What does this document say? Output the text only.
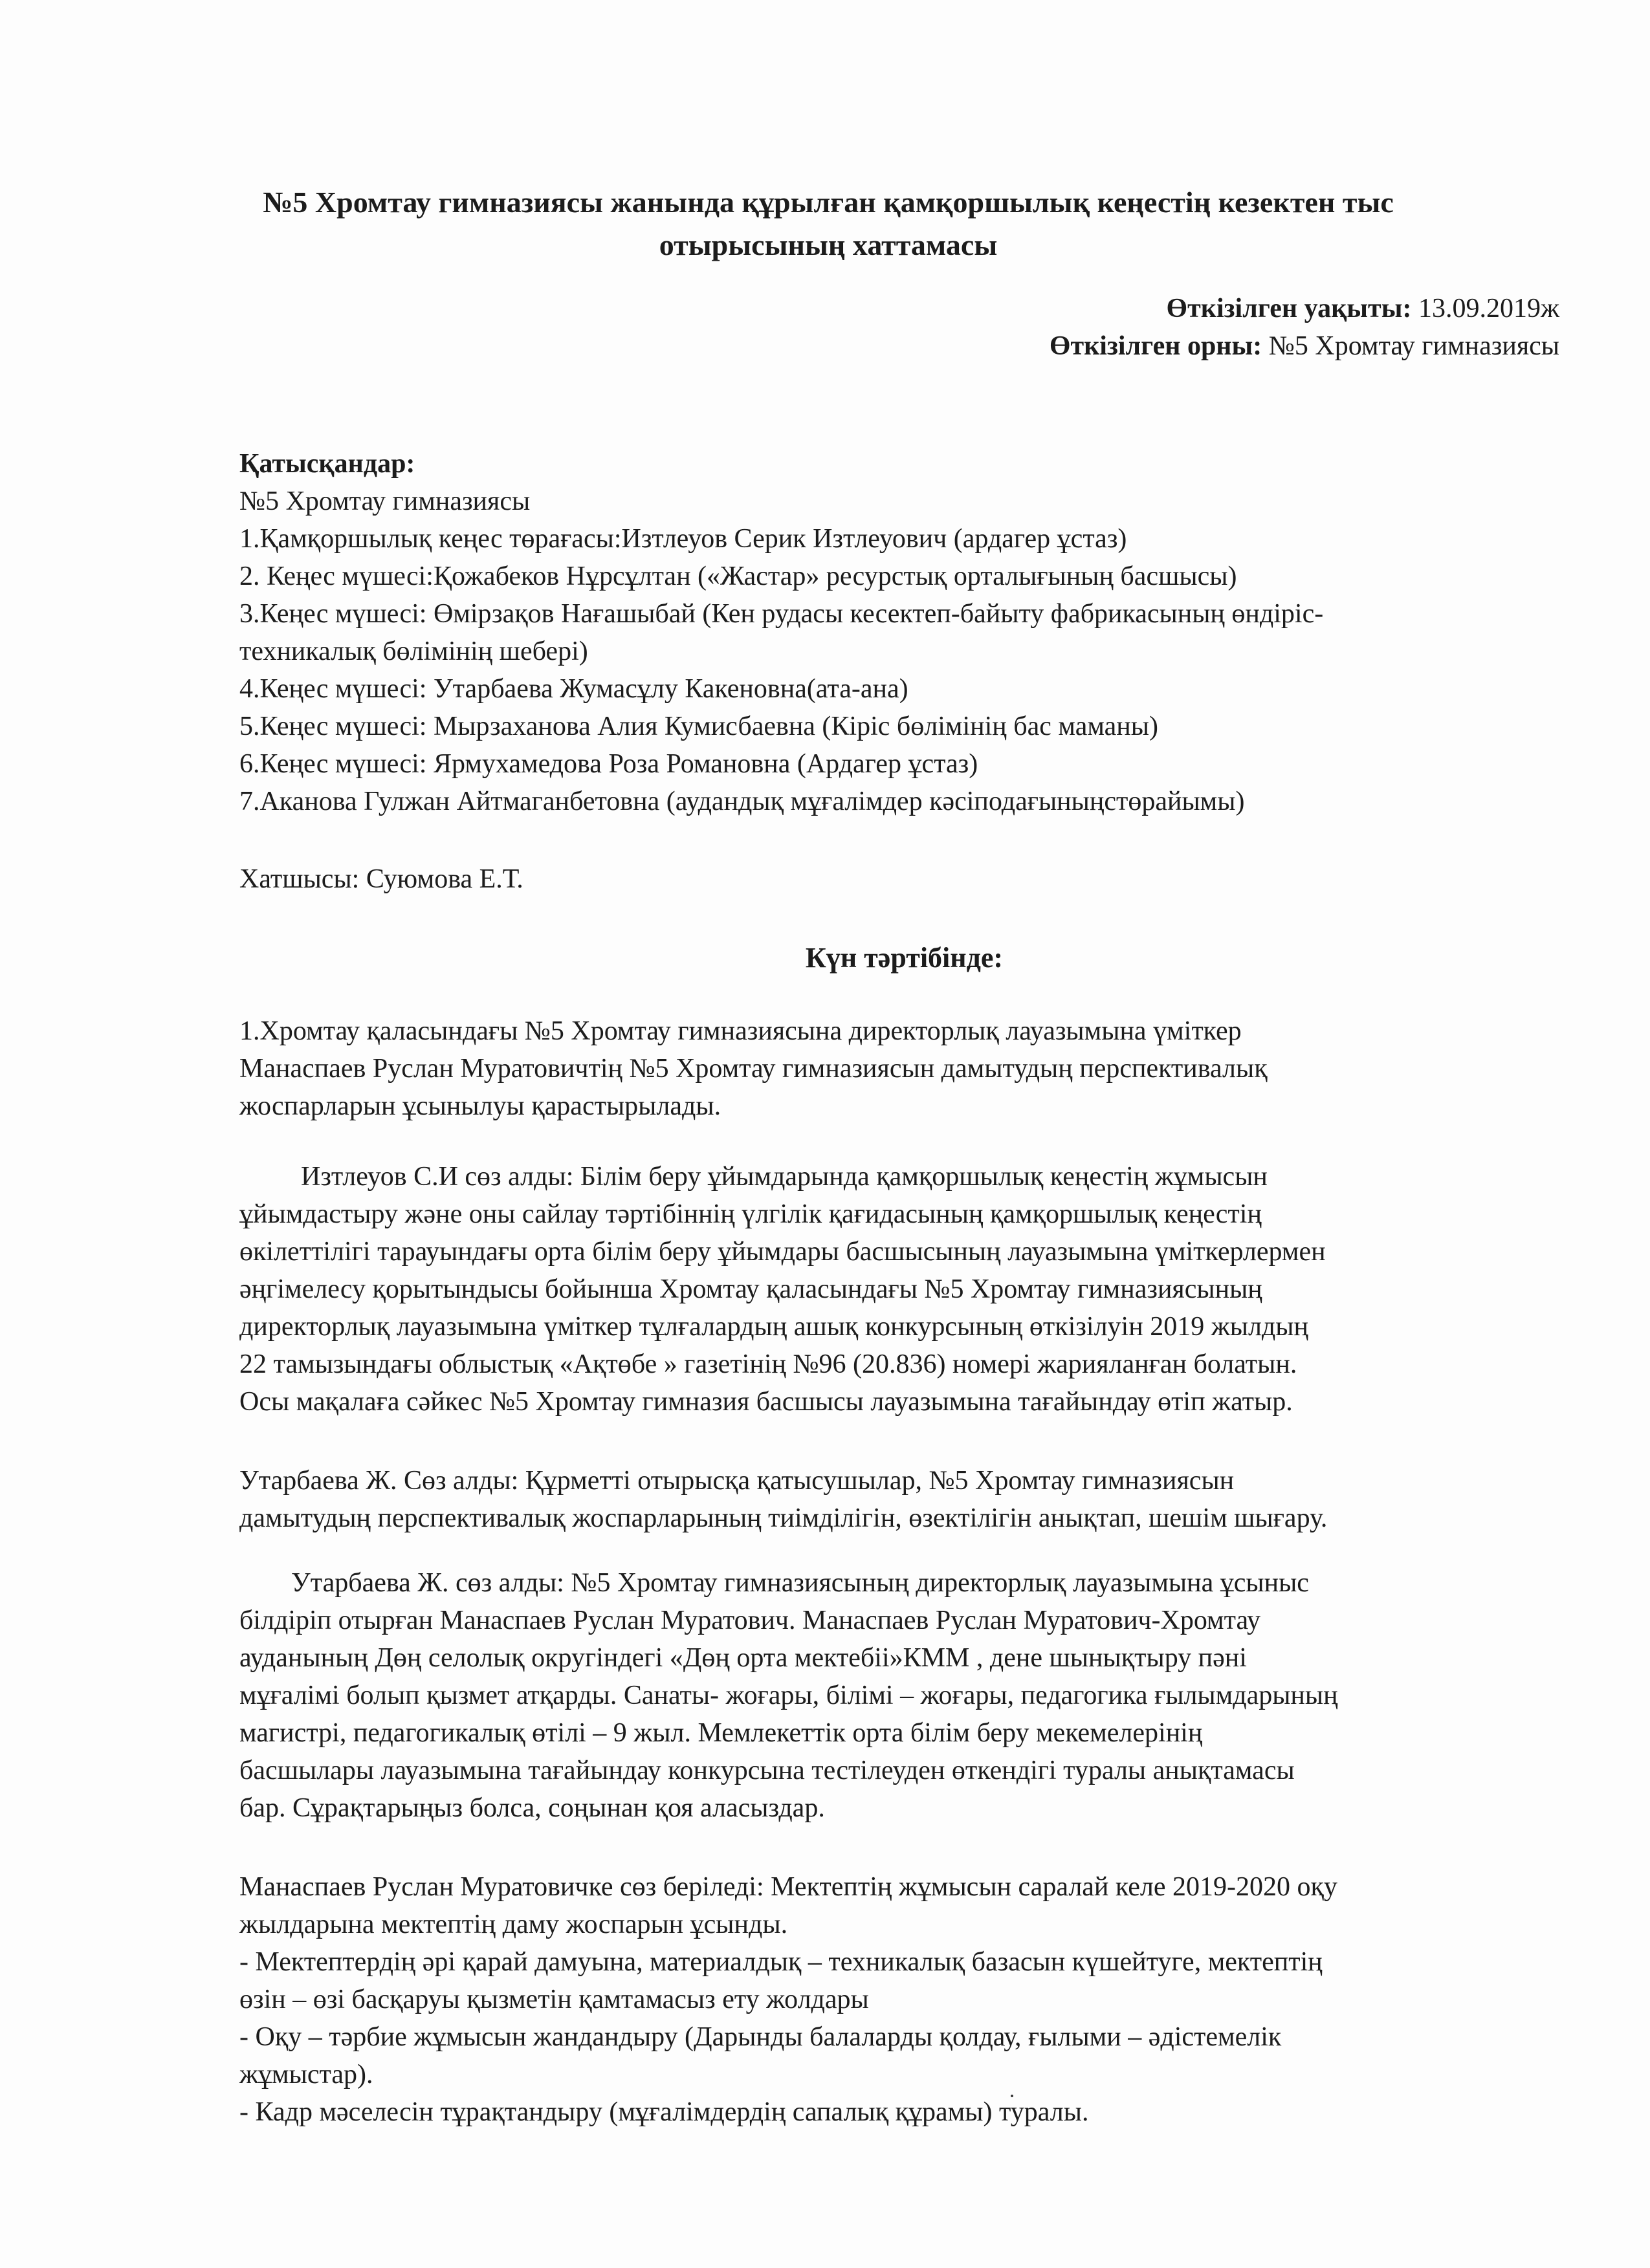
№5 Хромтау гимназиясы жанында құрылған қамқоршылық кеңестің кезектен тыс
отырысының хаттамасы
Өткізілген уақыты: 13.09.2019ж
Өткізілген орны: №5 Хромтау гимназиясы
Қатысқандар:
№5 Хромтау гимназиясы
1.Қамқоршылық кеңес төрағасы:Изтлеуов Серик Изтлеуович (ардагер ұстаз)
2. Кеңес мүшесі:Қожабеков Нұрсұлтан («Жастар» ресурстық орталығының басшысы)
3.Кеңес мүшесі: Өмірзақов Нағашыбай (Кен рудасы кесектеп-байыту фабрикасының өндіріс-
техникалық бөлімінің шебері)
4.Кеңес мүшесі: Утарбаева Жумасұлу Какеновна(ата-ана)
5.Кеңес мүшесі: Мырзаханова Алия Кумисбаевна (Кіріс бөлімінің бас маманы)
6.Кеңес мүшесі: Ярмухамедова Роза Романовна (Ардагер ұстаз)
7.Аканова Гулжан Айтмаганбетовна (аудандық мұғалімдер кәсіподағыныңстөрайымы)
Хатшысы: Суюмова Е.Т.
Күн тәртібінде:
1.Хромтау қаласындағы №5 Хромтау гимназиясына директорлық лауазымына үміткер
Манаспаев Руслан Муратовичтің №5 Хромтау гимназиясын дамытудың перспективалық
жоспарларын ұсынылуы қарастырылады.
Изтлеуов С.И сөз алды: Білім беру ұйымдарында қамқоршылық кеңестің жұмысын
ұйымдастыру және оны сайлау тәртібіннің үлгілік қағидасының қамқоршылық кеңестің
өкілеттілігі тарауындағы орта білім беру ұйымдары басшысының лауазымына үміткерлермен
әңгімелесу қорытындысы бойынша Хромтау қаласындағы №5 Хромтау гимназиясының
директорлық лауазымына үміткер тұлғалардың ашық конкурсының өткізілуін 2019 жылдың
22 тамызындағы облыстық «Ақтөбе » газетінің №96 (20.836) номері жарияланған болатын.
Осы мақалаға сәйкес №5 Хромтау гимназия басшысы лауазымына тағайындау өтіп жатыр.
Утарбаева Ж. Сөз алды: Құрметті отырысқа қатысушылар, №5 Хромтау гимназиясын
дамытудың перспективалық жоспарларының тиімділігін, өзектілігін анықтап, шешім шығару.
Утарбаева Ж. сөз алды: №5 Хромтау гимназиясының директорлық лауазымына ұсыныс
білдіріп отырған Манаспаев Руслан Муратович. Манаспаев Руслан Муратович-Хромтау
ауданының Дөң селолық округіндегі «Дөң орта мектебіі»КММ , дене шынықтыру пәні
мұғалімі болып қызмет атқарды. Санаты- жоғары, білімі – жоғары, педагогика ғылымдарының
магистрі, педагогикалық өтілі – 9 жыл. Мемлекеттік орта білім беру мекемелерінің
басшылары лауазымына тағайындау конкурсына тестілеуден өткендігі туралы анықтамасы
бар. Сұрақтарыңыз болса, соңынан қоя аласыздар.
Манаспаев Руслан Муратовичке сөз беріледі: Мектептің жұмысын саралай келе 2019-2020 оқу
жылдарына мектептің даму жоспарын ұсынды.
- Мектептердің әрі қарай дамуына, материалдық – техникалық базасын күшейтуге, мектептің
өзін – өзі басқаруы қызметін қамтамасыз ету жолдары
- Оқу – тәрбие жұмысын жандандыру (Дарынды балаларды қолдау, ғылыми – әдістемелік
жұмыстар).
- Кадр мәселесін тұрақтандыру (мұғалімдердің сапалық құрамы) туралы.
